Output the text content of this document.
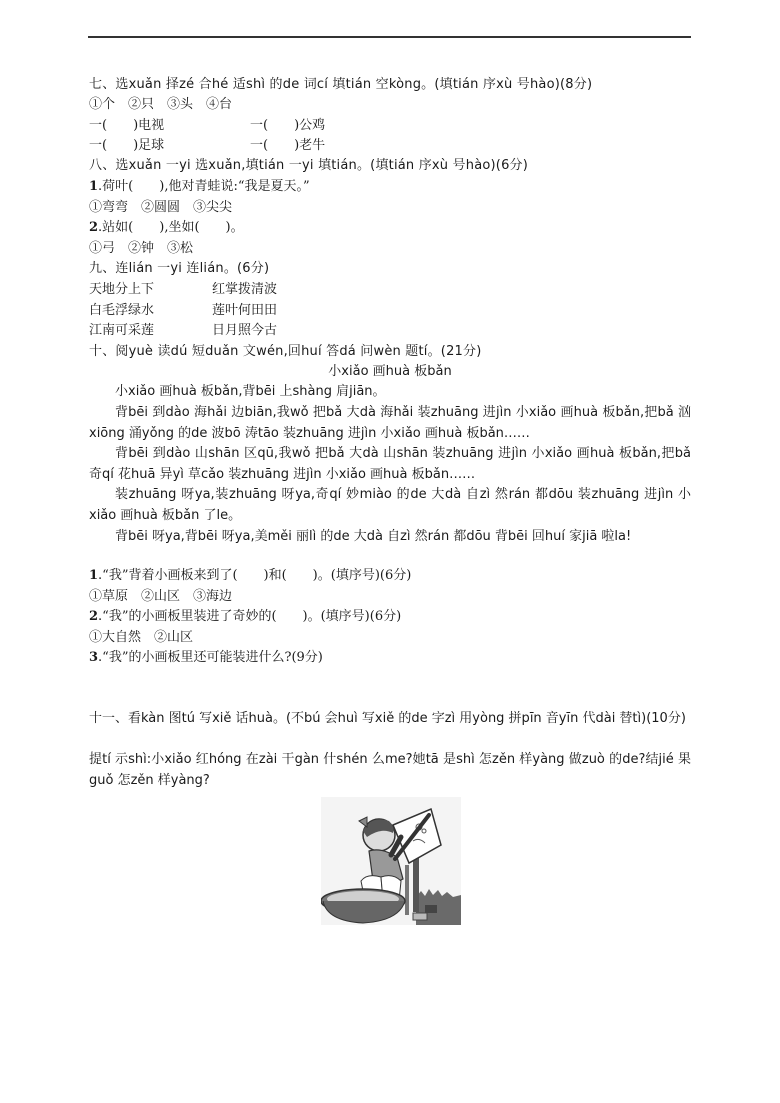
七、选xuǎn 择zé 合hé 适shì 的de 词cí 填tián 空kòng。(填tián 序xù 号hào)(8分)
①个　②只　③头　④台
一(　　)电视	一(　　)公鸡
一(　　)足球	一(　　)老牛
八、选xuǎn 一yi 选xuǎn,填tián 一yi 填tián。(填tián 序xù 号hào)(6分)
1.荷叶(　　),他对青蛙说:“我是夏天。”
①弯弯　②圆圆　③尖尖
2.站如(　　),坐如(　　)。
①弓　②钟　③松
九、连lián 一yi 连lián。(6分)
天地分上下	红掌拨清波
白毛浮绿水	莲叶何田田
江南可采莲	日月照今古
十、阅yuè 读dú 短duǎn 文wén,回huí 答dá 问wèn 题tí。(21分)
小xiǎo 画huà 板bǎn
小xiǎo 画huà 板bǎn,背bēi 上shàng 肩jiān。
背bēi 到dào 海hǎi 边biān,我wǒ 把bǎ 大dà 海hǎi 装zhuāng 进jìn 小xiǎo 画huà 板bǎn,把bǎ 汹xiōng 涌yǒng 的de 波bō 涛tāo 装zhuāng 进jìn 小xiǎo 画huà 板bǎn……
背bēi 到dào 山shān 区qū,我wǒ 把bǎ 大dà 山shān 装zhuāng 进jìn 小xiǎo 画huà 板bǎn,把bǎ 奇qí 花huā 异yì 草cǎo 装zhuāng 进jìn 小xiǎo 画huà 板bǎn……
装zhuāng 呀ya,装zhuāng 呀ya,奇qí 妙miào 的de 大dà 自zì 然rán 都dōu 装zhuāng 进jìn 小xiǎo 画huà 板bǎn 了le。
背bēi 呀ya,背bēi 呀ya,美měi 丽lì 的de 大dà 自zì 然rán 都dōu 背bēi 回huí 家jiā 啦la!
1.“我”背着小画板来到了(　　)和(　　)。(填序号)(6分)
①草原　②山区　③海边
2.“我”的小画板里装进了奇妙的(　　)。(填序号)(6分)
①大自然　②山区
3.“我”的小画板里还可能装进什么?(9分)
十一、看kàn 图tú 写xiě 话huà。(不bú 会huì 写xiě 的de 字zì 用yòng 拼pīn 音yīn 代dài 替tì)(10分)
提tí 示shì:小xiǎo 红hóng 在zài 干gàn 什shén 么me?她tā 是shì 怎zěn 样yàng 做zuò 的de?结jié 果guǒ 怎zěn 样yàng?
